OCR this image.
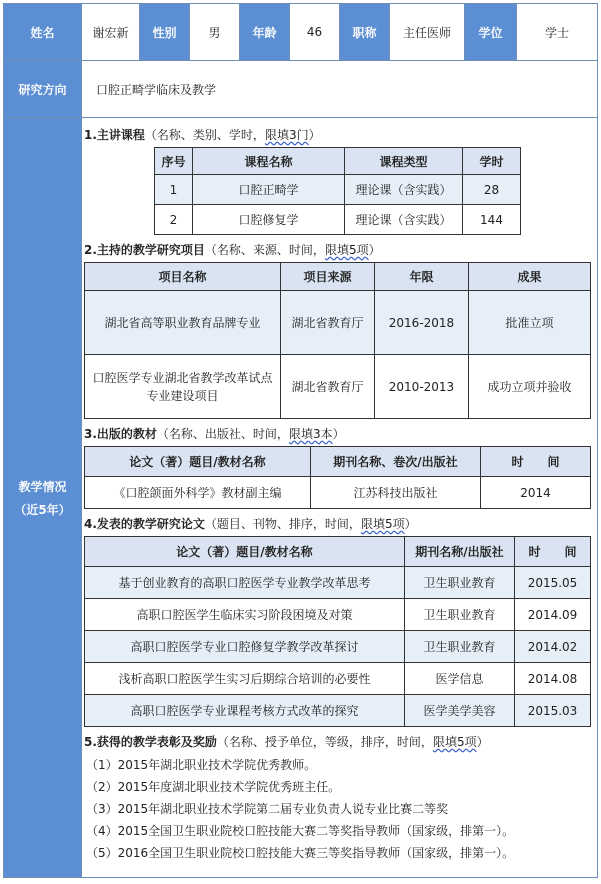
姓名	谢宏新	性别	男	年龄	46	职称	主任医师	学位	学士
研究方向	口腔正畸学临床及教学

教学情况
（近5年）

1.主讲课程（名称、类别、学时，限填3门）
序号	课程名称	课程类型	学时
1	口腔正畸学	理论课（含实践）	28
2	口腔修复学	理论课（含实践）	144
2.主持的教学研究项目（名称、来源、时间，限填5项）
项目名称	项目来源	年限	成果
湖北省高等职业教育品牌专业	湖北省教育厅	2016-2018	批准立项
口腔医学专业湖北省教学改革试点专业建设项目	湖北省教育厅	2010-2013	成功立项并验收
3.出版的教材（名称、出版社、时间，限填3本）
论文（著）题目/教材名称	期刊名称、卷次/出版社	时　　间
《口腔颌面外科学》教材副主编	江苏科技出版社	2014
4.发表的教学研究论文（题目、刊物、排序，时间，限填5项）
论文（著）题目/教材名称	期刊名称/出版社	时　　间
基于创业教育的高职口腔医学专业教学改革思考	卫生职业教育	2015.05
高职口腔医学生临床实习阶段困境及对策	卫生职业教育	2014.09
高职口腔医学专业口腔修复学教学改革探讨	卫生职业教育	2014.02
浅析高职口腔医学生实习后期综合培训的必要性	医学信息	2014.08
高职口腔医学专业课程考核方式改革的探究	医学美学美容	2015.03
5.获得的教学表彰及奖励（名称、授予单位，等级，排序，时间，限填5项）
（1）2015年湖北职业技术学院优秀教师。
（2）2015年度湖北职业技术学院优秀班主任。
（3）2015年湖北职业技术学院第二届专业负责人说专业比赛二等奖
（4）2015全国卫生职业院校口腔技能大赛二等奖指导教师（国家级，排第一）。
（5）2016全国卫生职业院校口腔技能大赛三等奖指导教师（国家级，排第一）。
